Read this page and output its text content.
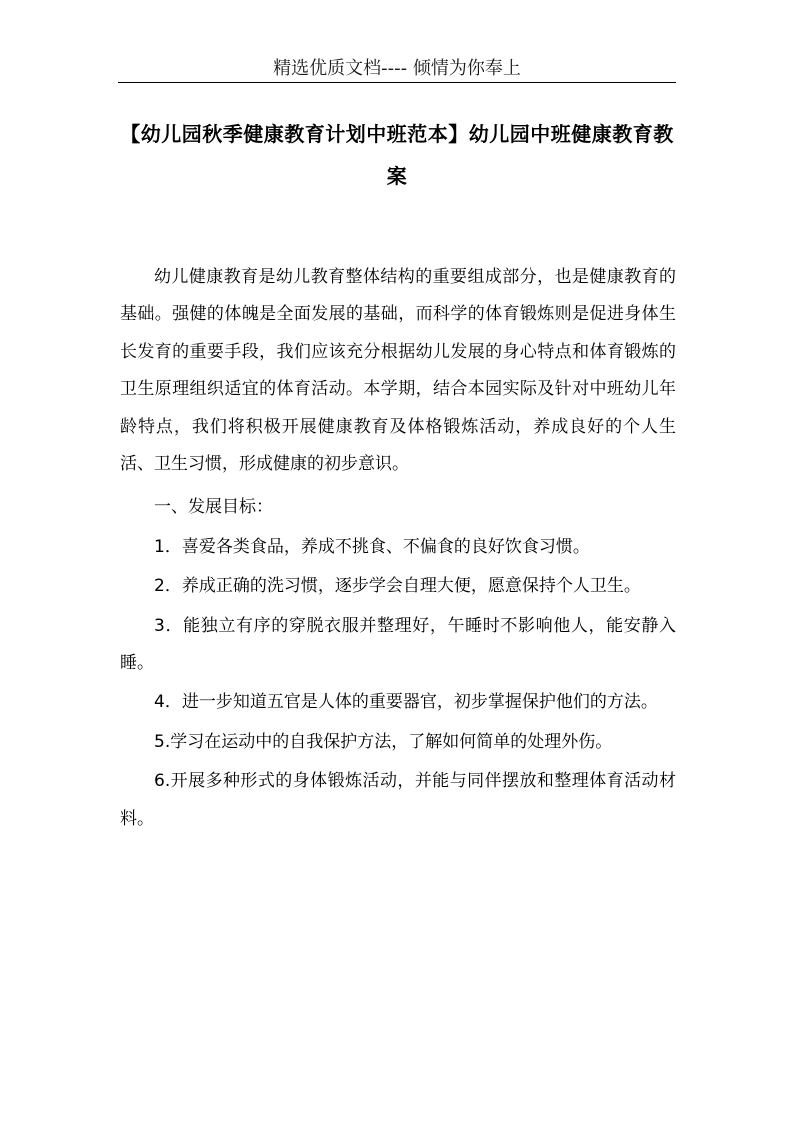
精选优质文档---- 倾情为你奉上
【幼儿园秋季健康教育计划中班范本】幼儿园中班健康教育教案

幼儿健康教育是幼儿教育整体结构的重要组成部分，也是健康教育的基础。强健的体魄是全面发展的基础，而科学的体育锻炼则是促进身体生长发育的重要手段，我们应该充分根据幼儿发展的身心特点和体育锻炼的卫生原理组织适宜的体育活动。本学期，结合本园实际及针对中班幼儿年龄特点，我们将积极开展健康教育及体格锻炼活动，养成良好的个人生活、卫生习惯，形成健康的初步意识。

一、发展目标：

1．喜爱各类食品，养成不挑食、不偏食的良好饮食习惯。

2．养成正确的洗习惯，逐步学会自理大便，愿意保持个人卫生。

3．能独立有序的穿脱衣服并整理好，午睡时不影响他人，能安静入睡。

4．进一步知道五官是人体的重要器官，初步掌握保护他们的方法。

5.学习在运动中的自我保护方法，了解如何简单的处理外伤。

6.开展多种形式的身体锻炼活动，并能与同伴摆放和整理体育活动材料。
